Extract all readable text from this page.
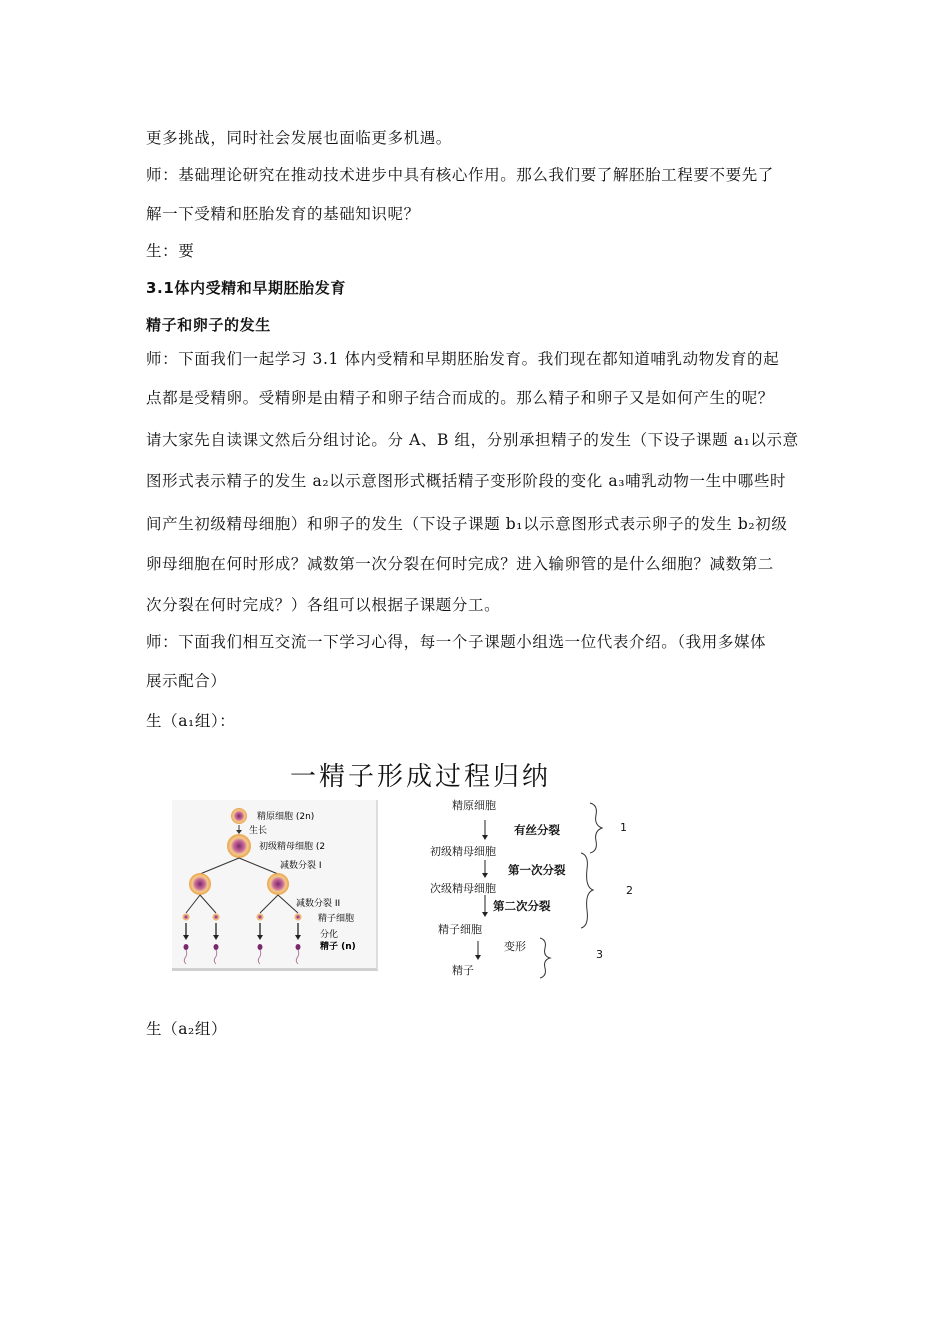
更多挑战，同时社会发展也面临更多机遇。
师：基础理论研究在推动技术进步中具有核心作用。那么我们要了解胚胎工程要不要先了
解一下受精和胚胎发育的基础知识呢？
生：要
3.1体内受精和早期胚胎发育
精子和卵子的发生
师：下面我们一起学习 3.1 体内受精和早期胚胎发育。我们现在都知道哺乳动物发育的起
点都是受精卵。受精卵是由精子和卵子结合而成的。那么精子和卵子又是如何产生的呢？
请大家先自读课文然后分组讨论。分 A、B 组，分别承担精子的发生（下设子课题 a₁以示意
图形式表示精子的发生 a₂以示意图形式概括精子变形阶段的变化 a₃哺乳动物一生中哪些时
间产生初级精母细胞）和卵子的发生（下设子课题 b₁以示意图形式表示卵子的发生 b₂初级
卵母细胞在何时形成？减数第一次分裂在何时完成？进入输卵管的是什么细胞？减数第二
次分裂在何时完成？）各组可以根据子课题分工。
师：下面我们相互交流一下学习心得，每一个子课题小组选一位代表介绍。（我用多媒体
展示配合）
生（a₁组）：
一精子形成过程归纳
精原细胞 (2n)
生长
初级精母细胞 (2
减数分裂 I
减数分裂 II
精子细胞
分化
精子 (n)
精原细胞
有丝分裂
初级精母细胞
第一次分裂
次级精母细胞
第二次分裂
精子细胞
变形
精子
1
2
3
生（a₂组）
